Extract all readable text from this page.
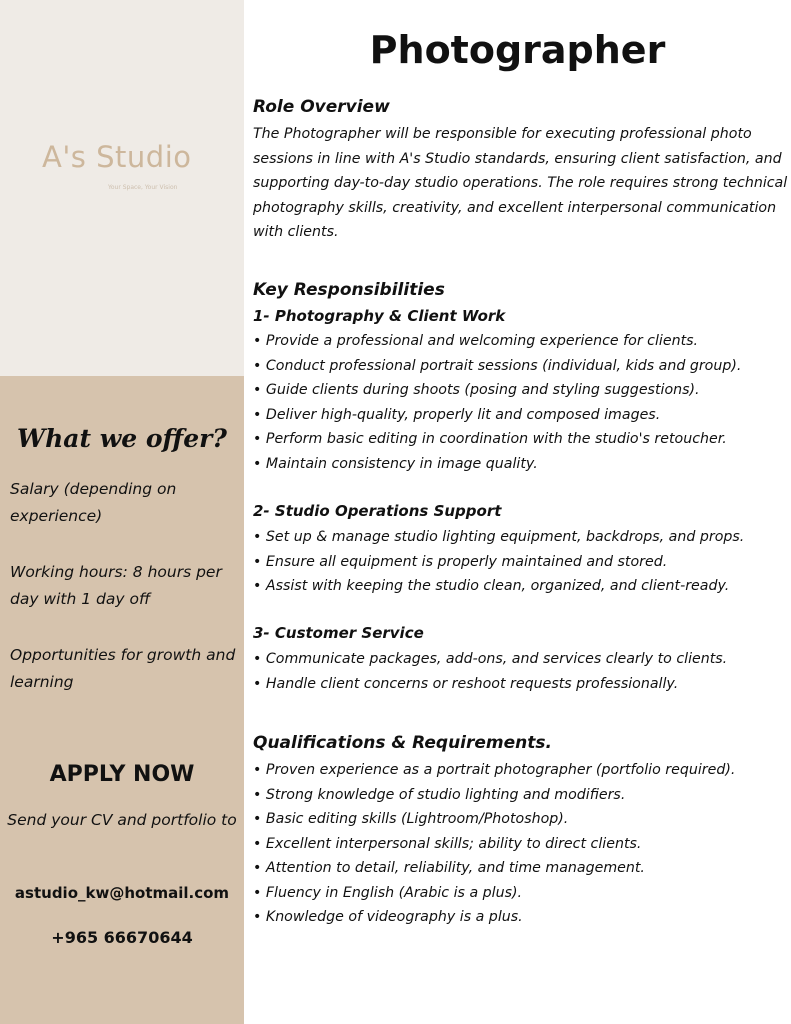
A's Studio
Your Space, Your Vision
What we offer?
Salary (depending on experience)
Working hours: 8 hours per day with 1 day off
Opportunities for growth and learning
APPLY NOW
Send your CV and portfolio to
astudio_kw@hotmail.com
+965 66670644
Photographer
Role Overview
The Photographer will be responsible for executing professional photo sessions in line with A's Studio standards, ensuring client satisfaction, and supporting day-to-day studio operations. The role requires strong technical photography skills, creativity, and excellent interpersonal communication with clients.
Key Responsibilities
1- Photography & Client Work
• Provide a professional and welcoming experience for clients.
• Conduct professional portrait sessions (individual, kids and group).
• Guide clients during shoots (posing and styling suggestions).
• Deliver high-quality, properly lit and composed images.
• Perform basic editing in coordination with the studio's retoucher.
• Maintain consistency in image quality.
2- Studio Operations Support
• Set up & manage studio lighting equipment, backdrops, and props.
• Ensure all equipment is properly maintained and stored.
• Assist with keeping the studio clean, organized, and client-ready.
3- Customer Service
• Communicate packages, add-ons, and services clearly to clients.
• Handle client concerns or reshoot requests professionally.
Qualifications & Requirements.
• Proven experience as a portrait photographer (portfolio required).
• Strong knowledge of studio lighting and modifiers.
• Basic editing skills (Lightroom/Photoshop).
• Excellent interpersonal skills; ability to direct clients.
• Attention to detail, reliability, and time management.
• Fluency in English (Arabic is a plus).
• Knowledge of videography is a plus.
